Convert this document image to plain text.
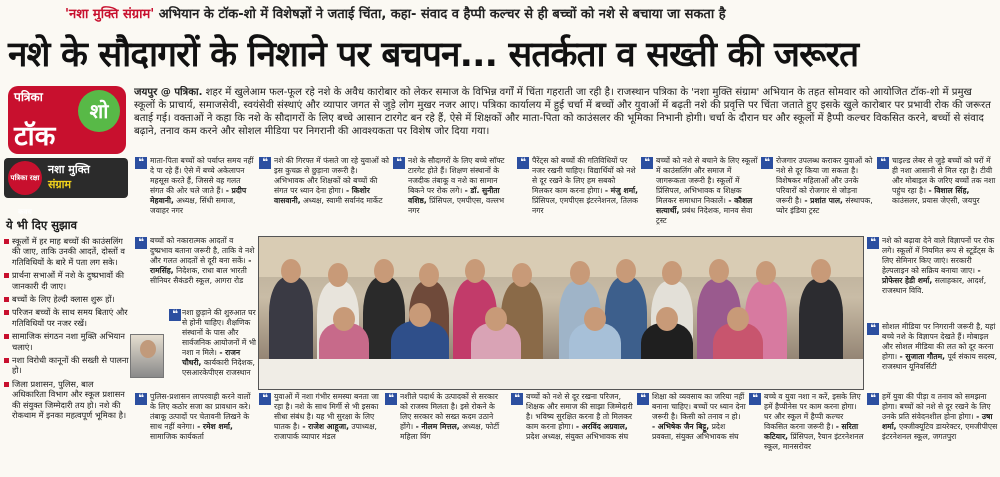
'नशा मुक्ति संग्राम' अभियान के टॉक-शो में विशेषज्ञों ने जताई चिंता, कहा- संवाद व हैप्पी कल्चर से ही बच्चों को नशे से बचाया जा सकता है
नशे के सौदागरों के निशाने पर बचपन... सतर्कता व सख्ती की जरूरत
पत्रिका
टॉक
शो
जयपुर @ पत्रिका. शहर में खुलेआम फल-फूल रहे नशे के अवैध कारोबार को लेकर समाज के विभिन्न वर्गों में चिंता गहराती जा रही है। राजस्थान पत्रिका के 'नशा मुक्ति संग्राम' अभियान के तहत सोमवार को आयोजित टॉक-शो में प्रमुख स्कूलों के प्राचार्य, समाजसेवी, स्वयंसेवी संस्थाएं और व्यापार जगत से जुड़े लोग मुखर नजर आए। पत्रिका कार्यालय में हुई चर्चा में बच्चों और युवाओं में बढ़ती नशे की प्रवृत्ति पर चिंता जताते हुए इसके खुले कारोबार पर प्रभावी रोक की जरूरत बताई गई। वक्ताओं ने कहा कि नशे के सौदागरों के लिए बच्चे आसान टारगेट बन रहे हैं, ऐसे में शिक्षकों और माता-पिता को काउंसलर की भूमिका निभानी होगी। चर्चा के दौरान घर और स्कूलों में हैप्पी कल्चर विकसित करने, बच्चों से संवाद बढ़ाने, तनाव कम करने और सोशल मीडिया पर निगरानी की आवश्यकता पर विशेष जोर दिया गया।
पत्रिका रक्षा कवच
नशा मुक्ति
संग्राम
ये भी दिए सुझाव
स्कूलों में हर माह बच्चों की काउंसलिंग की जाए, ताकि उनकी आदतें, दोस्तों व गतिविधियों के बारे में पता लग सके।
प्रार्थना सभाओं में नशे के दुष्प्रभावों की जानकारी दी जाए।
बच्चों के लिए हेल्दी क्लास शुरू हों।
परिजन बच्चों के साथ समय बिताएं और गतिविधियों पर नजर रखें।
सामाजिक संगठन नशा मुक्ति अभियान चलाएं।
नशा विरोधी कानूनों की सख्ती से पालना हो।
जिला प्रशासन, पुलिस, बाल अधिकारिता विभाग और स्कूल प्रशासन की संयुक्त जिम्मेदारी तय हो। नशे की रोकथाम में इनका महत्वपूर्ण भूमिका है।
❝ माता-पिता बच्चों को पर्याप्त समय नहीं दे पा रहे हैं। ऐसे में बच्चे अकेलापन महसूस करते हैं, जिससे वह गलत संगत की ओर चले जाते हैं। - प्रदीप मेहवानी, अध्यक्ष, सिंधी समाज, जवाहर नगर
❝ नशे की गिरफ्त में फंसते जा रहे युवाओं को इस कुचक्र से छुड़ाना जरूरी है। अभिभावक और शिक्षकों को बच्चों की संगत पर ध्यान देना होगा। - किशोर वासवानी, अध्यक्ष, स्वामी सर्वानंद मार्केट
❝ नशे के सौदागरों के लिए बच्चे सॉफ्ट टारगेट होते हैं। शिक्षण संस्थानों के नजदीक तंबाकू व नशे का सामान बिकने पर रोक लगे। - डॉ. सुनीता वशिष्ठ, प्रिंसिपल, एमपीएस, वल्लभ नगर
❝ पैरेंट्स को बच्चों की गतिविधियों पर नजर रखनी चाहिए। विद्यार्थियों को नशे से दूर रखने के लिए हम सबको मिलकर काम करना होगा। - मंजु शर्मा, प्रिंसिपल, एमपीएस इंटरनेशनल, तिलक नगर
❝ बच्चों को नशे से बचाने के लिए स्कूलों में काउंसलिंग और समाज में जागरूकता जरूरी है। स्कूलों में प्रिंसिपल, अभिभावक व शिक्षक मिलकर समाधान निकालें। - कौशल सत्यार्थी, प्रबंध निदेशक, मानव सेवा ट्रस्ट
❝ रोजगार उपलब्ध कराकर युवाओं को नशे से दूर किया जा सकता है। विशेषकर महिलाओं और उनके परिवारों को रोजगार से जोड़ना जरूरी है। - प्रशांत पाल, संस्थापक, प्योर इंडिया ट्रस्ट
❝ चाइल्ड लेबर से जुड़े बच्चों को घरों में ही नशा आसानी से मिल रहा है। टीवी और मोबाइल के जरिए बच्चों तक नशा पहुंच रहा है। - विशाल सिंह, काउंसलर, प्रयास जेएसी, जयपुर
❝ बच्चों को नकारात्मक आदतों व दुष्प्रभाव बताना जरूरी है, ताकि वे नशे और गलत आदतों से दूरी बना सकें। - रामसिंह, निदेशक, राधा बाल भारती सीनियर सैकंडरी स्कूल, आगरा रोड
❝ नशा छुड़ाने की शुरुआत घर से होनी चाहिए। शैक्षणिक संस्थानों के पास और सार्वजनिक आयोजनों में भी नशा न मिले। - राजन चौधरी, कार्यकारी निदेशक, एसआरकेपीएस राजस्थान
❝ नशे को बढ़ावा देने वाले विज्ञापनों पर रोक लगे। स्कूलों में नियमित रूप से स्टूडेंट्स के लिए सेमिनार किए जाएं। सरकारी हेल्पलाइन को सक्रिय बनाया जाए। - प्रोफेसर हेडी शर्मा, सलाहकार, आदर्श, राजस्थान विवि.
❝ सोशल मीडिया पर निगरानी जरूरी है, यहां बच्चे नशे के विज्ञापन देखते हैं। मोबाइल और सोशल मीडिया की लत को दूर करना होगा। - सुजाता गौतम, पूर्व संकाय सदस्य, राजस्थान यूनिवर्सिटी
❝ पुलिस-प्रशासन लापरवाही करने वालों के लिए कठोर सजा का प्रावधान करे। तंबाकू उत्पादों पर चेतावनी लिखने के साथ नहीं बनेगा। - रमेश शर्मा, सामाजिक कार्यकर्ता
❝ युवाओं में नशा गंभीर समस्या बनता जा रहा है। नशे के साथ मिर्गी से भी इसका सीधा संबंध है। यह भी सुरक्षा के लिए घातक है। - राजेश आहूजा, उपाध्यक्ष, राजापार्क व्यापार मंडल
❝ नशीले पदार्थ के उत्पादकों से सरकार को राजस्व मिलता है। इसे रोकने के लिए सरकार को सख्त कदम उठाने होंगे। - नीलम मित्तल, अध्यक्ष, फोर्टी महिला विंग
❝ बच्चों को नशे से दूर रखना परिजन, शिक्षक और समाज की साझा जिम्मेदारी है। भविष्य सुरक्षित करना है तो मिलकर काम करना होगा। - अरविंद अग्रवाल, प्रदेश अध्यक्ष, संयुक्त अभिभावक संघ
❝ शिक्षा को व्यवसाय का जरिया नहीं बनाना चाहिए। बच्चों पर ध्यान देना जरूरी है। किसी को तनाव न हो। - अभिषेक जैन बिट्टू, प्रदेश प्रवक्ता, संयुक्त अभिभावक संघ
❝ बच्चे व युवा नशा न करें, इसके लिए हमें हैप्पीनेस पर काम करना होगा। घर और स्कूल में हैप्पी कल्चर विकसित करना जरूरी है। - सरिता कटियार, प्रिंसिपल, रैयान इंटरनेशनल स्कूल, मानसरोवर
❝ हमें युवा की पीड़ा व तनाव को समझना होगा। बच्चों को नशे से दूर रखने के लिए उनके प्रति संवेदनशील होना होगा। - उषा शर्मा, एक्जीक्यूटिव डायरेक्टर, एमजीपीएस इंटरनेशनल स्कूल, जगतपुरा
